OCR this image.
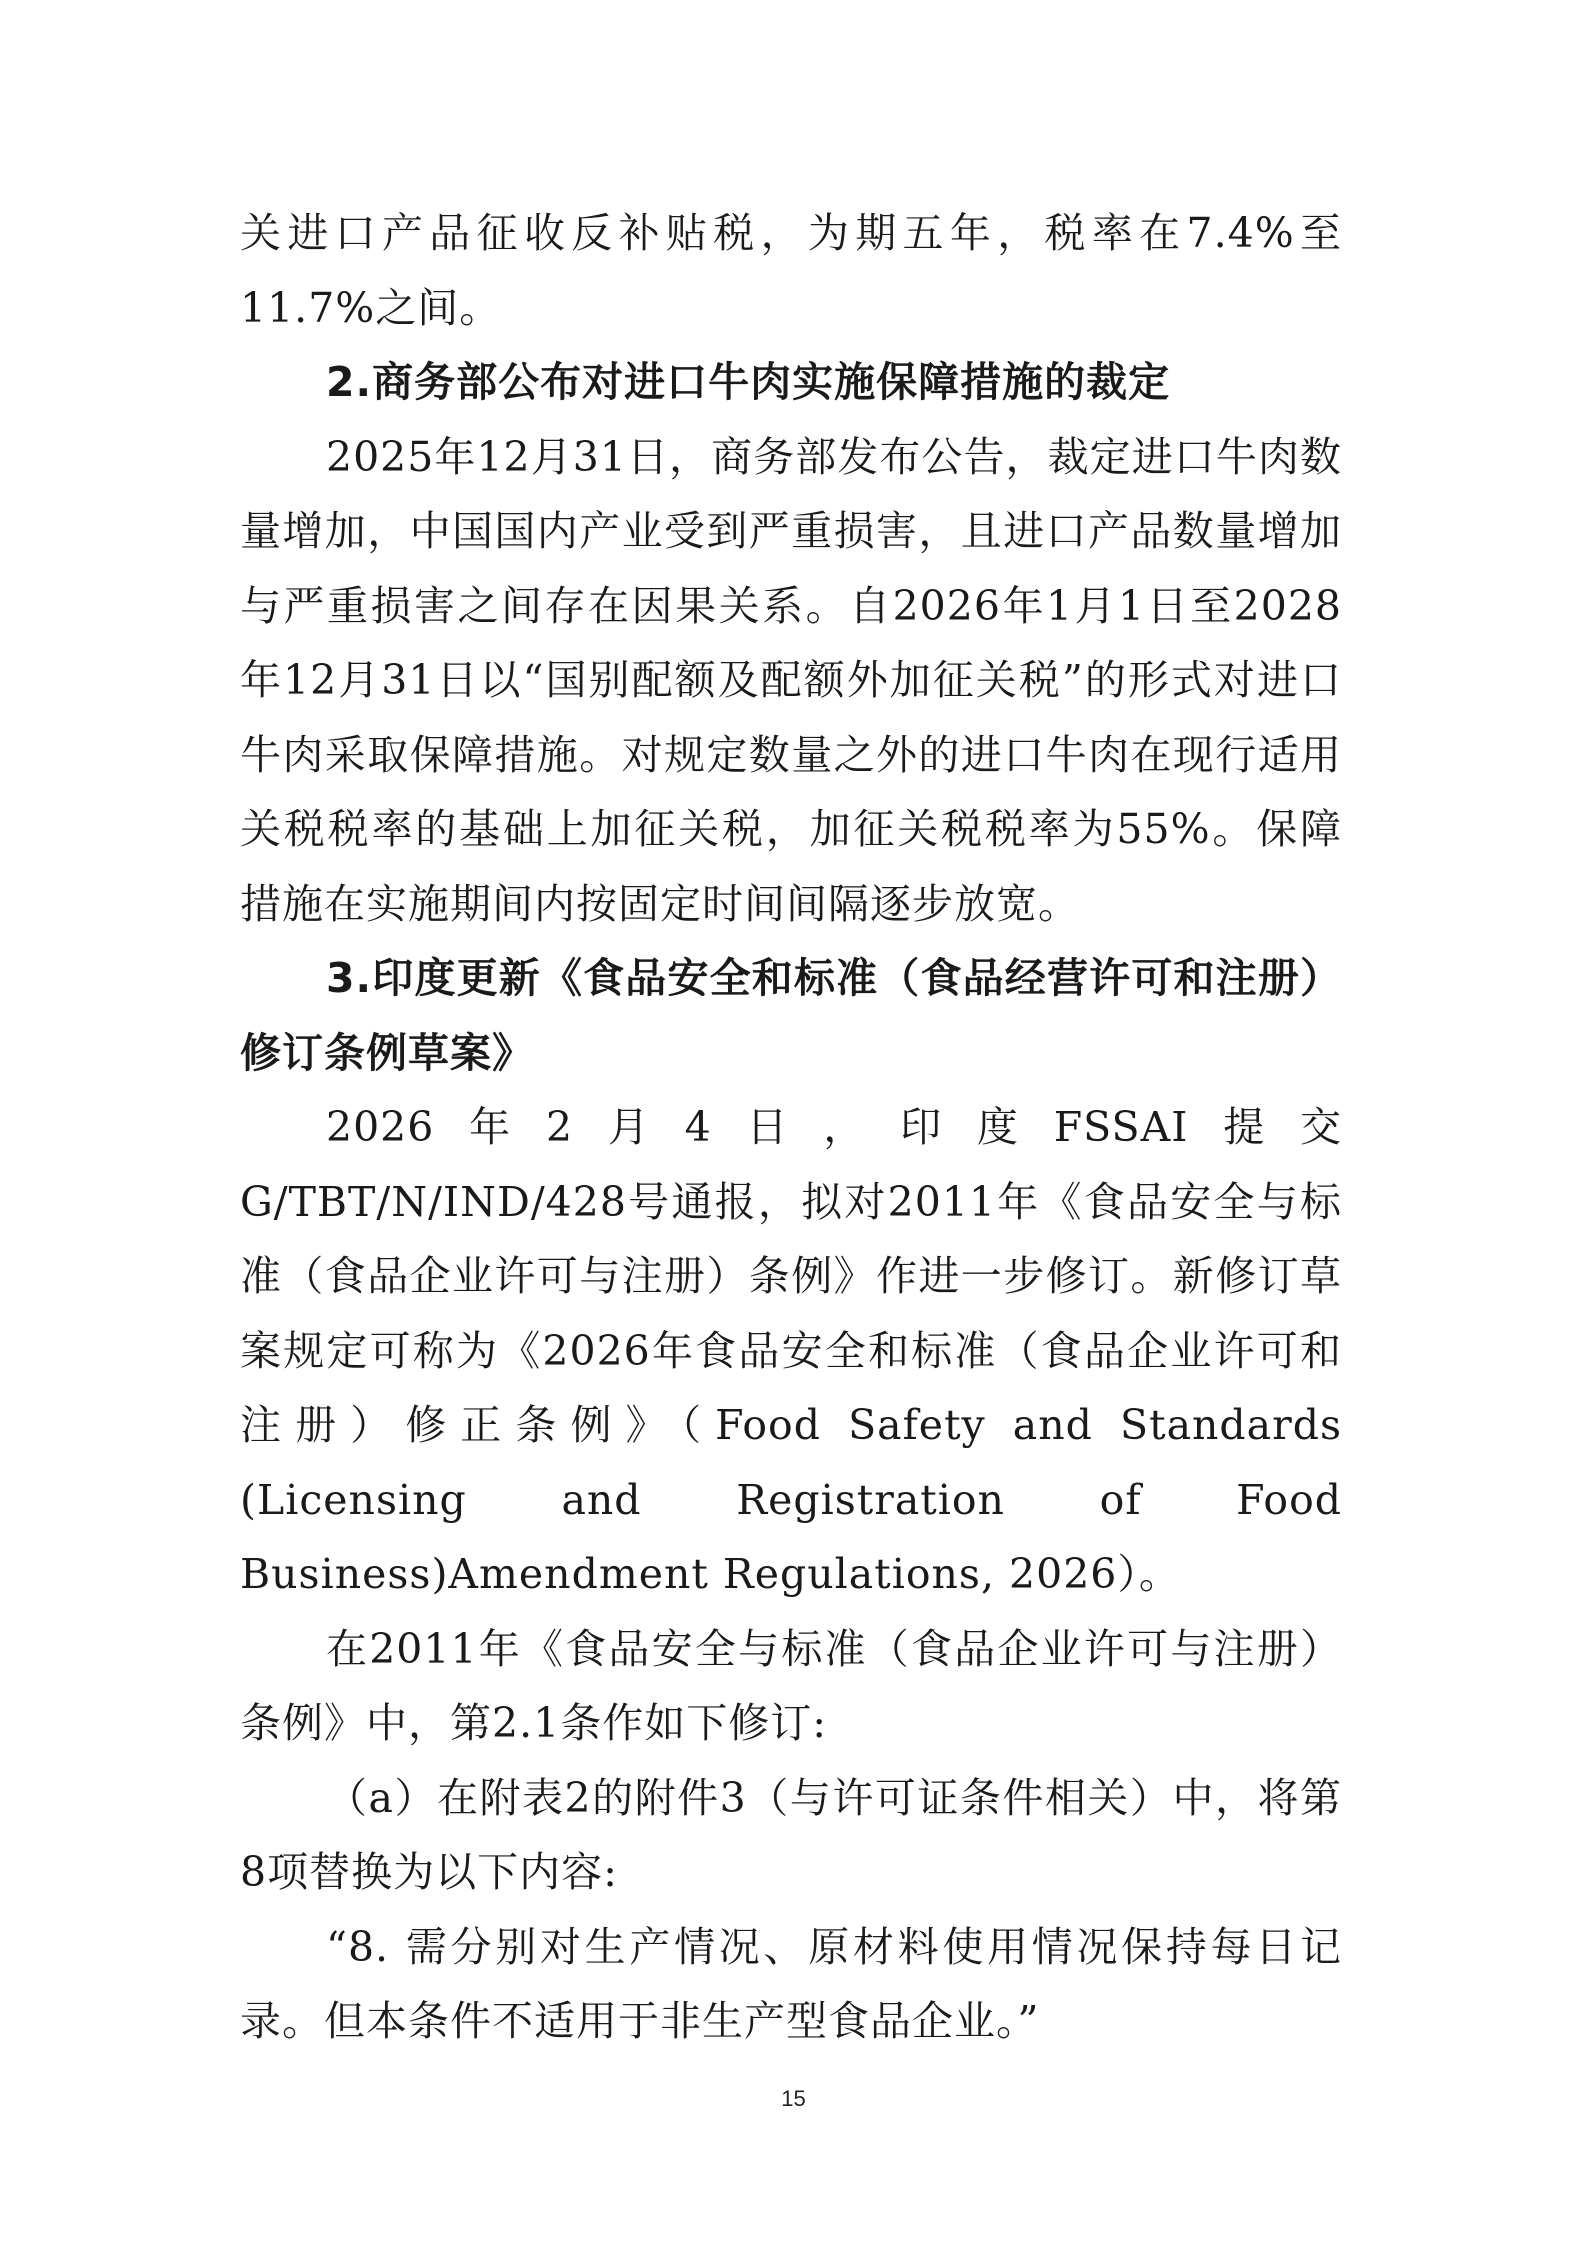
关进口产品征收反补贴税，为期五年，税率在7.4%至11.7%之间。

2.商务部公布对进口牛肉实施保障措施的裁定

2025年12月31日，商务部发布公告，裁定进口牛肉数量增加，中国国内产业受到严重损害，且进口产品数量增加与严重损害之间存在因果关系。自2026年1月1日至2028年12月31日以“国别配额及配额外加征关税”的形式对进口牛肉采取保障措施。对规定数量之外的进口牛肉在现行适用关税税率的基础上加征关税，加征关税税率为55%。保障措施在实施期间内按固定时间间隔逐步放宽。

3.印度更新《食品安全和标准（食品经营许可和注册）修订条例草案》

2026年2月4日，印度FSSAI提交G/TBT/N/IND/428号通报，拟对2011年《食品安全与标准（食品企业许可与注册）条例》作进一步修订。新修订草案规定可称为《2026年食品安全和标准（食品企业许可和注册）修正条例》（Food Safety and Standards (Licensing and Registration of Food Business)Amendment Regulations, 2026）。

在2011年《食品安全与标准（食品企业许可与注册）条例》中，第2.1条作如下修订:

（a）在附表2的附件3（与许可证条件相关）中，将第8项替换为以下内容:

“8. 需分别对生产情况、原材料使用情况保持每日记录。但本条件不适用于非生产型食品企业。”

15
